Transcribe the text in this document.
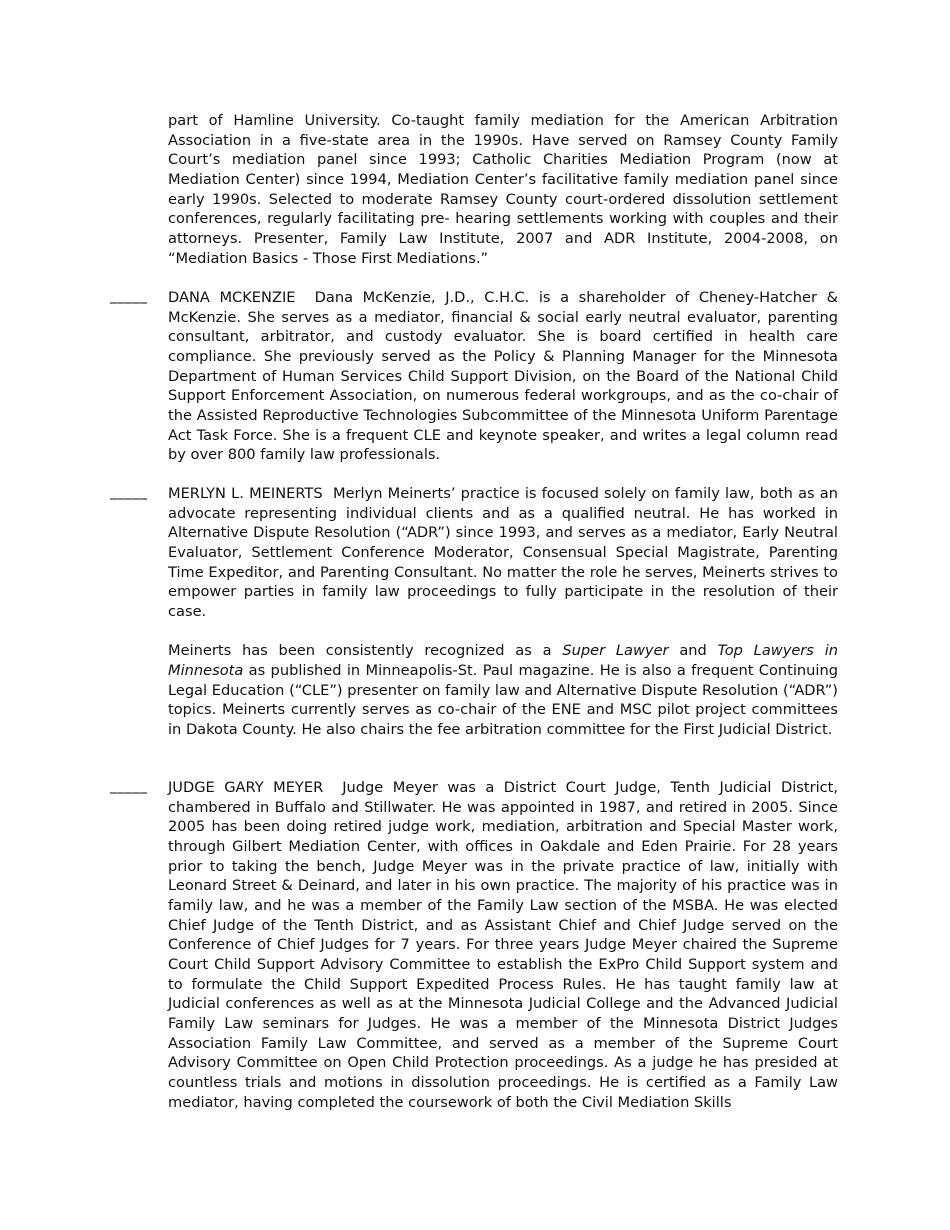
part of Hamline University. Co-taught family mediation for the American Arbitration Association in a five-state area in the 1990s. Have served on Ramsey County Family Court’s mediation panel since 1993; Catholic Charities Mediation Program (now at Mediation Center) since 1994, Mediation Center’s facilitative family mediation panel since early 1990s. Selected to moderate Ramsey County court-ordered dissolution settlement conferences, regularly facilitating pre- hearing settlements working with couples and their attorneys. Presenter, Family Law Institute, 2007 and ADR Institute, 2004-2008, on “Mediation Basics - Those First Mediations.”

_____ DANA MCKENZIE Dana McKenzie, J.D., C.H.C. is a shareholder of Cheney-Hatcher & McKenzie. She serves as a mediator, financial & social early neutral evaluator, parenting consultant, arbitrator, and custody evaluator. She is board certified in health care compliance. She previously served as the Policy & Planning Manager for the Minnesota Department of Human Services Child Support Division, on the Board of the National Child Support Enforcement Association, on numerous federal workgroups, and as the co-chair of the Assisted Reproductive Technologies Subcommittee of the Minnesota Uniform Parentage Act Task Force. She is a frequent CLE and keynote speaker, and writes a legal column read by over 800 family law professionals.

_____ MERLYN L. MEINERTS Merlyn Meinerts’ practice is focused solely on family law, both as an advocate representing individual clients and as a qualified neutral. He has worked in Alternative Dispute Resolution (“ADR”) since 1993, and serves as a mediator, Early Neutral Evaluator, Settlement Conference Moderator, Consensual Special Magistrate, Parenting Time Expeditor, and Parenting Consultant. No matter the role he serves, Meinerts strives to empower parties in family law proceedings to fully participate in the resolution of their case.

Meinerts has been consistently recognized as a Super Lawyer and Top Lawyers in Minnesota as published in Minneapolis-St. Paul magazine. He is also a frequent Continuing Legal Education (“CLE”) presenter on family law and Alternative Dispute Resolution (“ADR”) topics. Meinerts currently serves as co-chair of the ENE and MSC pilot project committees in Dakota County. He also chairs the fee arbitration committee for the First Judicial District.

_____ JUDGE GARY MEYER Judge Meyer was a District Court Judge, Tenth Judicial District, chambered in Buffalo and Stillwater. He was appointed in 1987, and retired in 2005. Since 2005 has been doing retired judge work, mediation, arbitration and Special Master work, through Gilbert Mediation Center, with offices in Oakdale and Eden Prairie. For 28 years prior to taking the bench, Judge Meyer was in the private practice of law, initially with Leonard Street & Deinard, and later in his own practice. The majority of his practice was in family law, and he was a member of the Family Law section of the MSBA. He was elected Chief Judge of the Tenth District, and as Assistant Chief and Chief Judge served on the Conference of Chief Judges for 7 years. For three years Judge Meyer chaired the Supreme Court Child Support Advisory Committee to establish the ExPro Child Support system and to formulate the Child Support Expedited Process Rules. He has taught family law at Judicial conferences as well as at the Minnesota Judicial College and the Advanced Judicial Family Law seminars for Judges. He was a member of the Minnesota District Judges Association Family Law Committee, and served as a member of the Supreme Court Advisory Committee on Open Child Protection proceedings. As a judge he has presided at countless trials and motions in dissolution proceedings. He is certified as a Family Law mediator, having completed the coursework of both the Civil Mediation Skills
